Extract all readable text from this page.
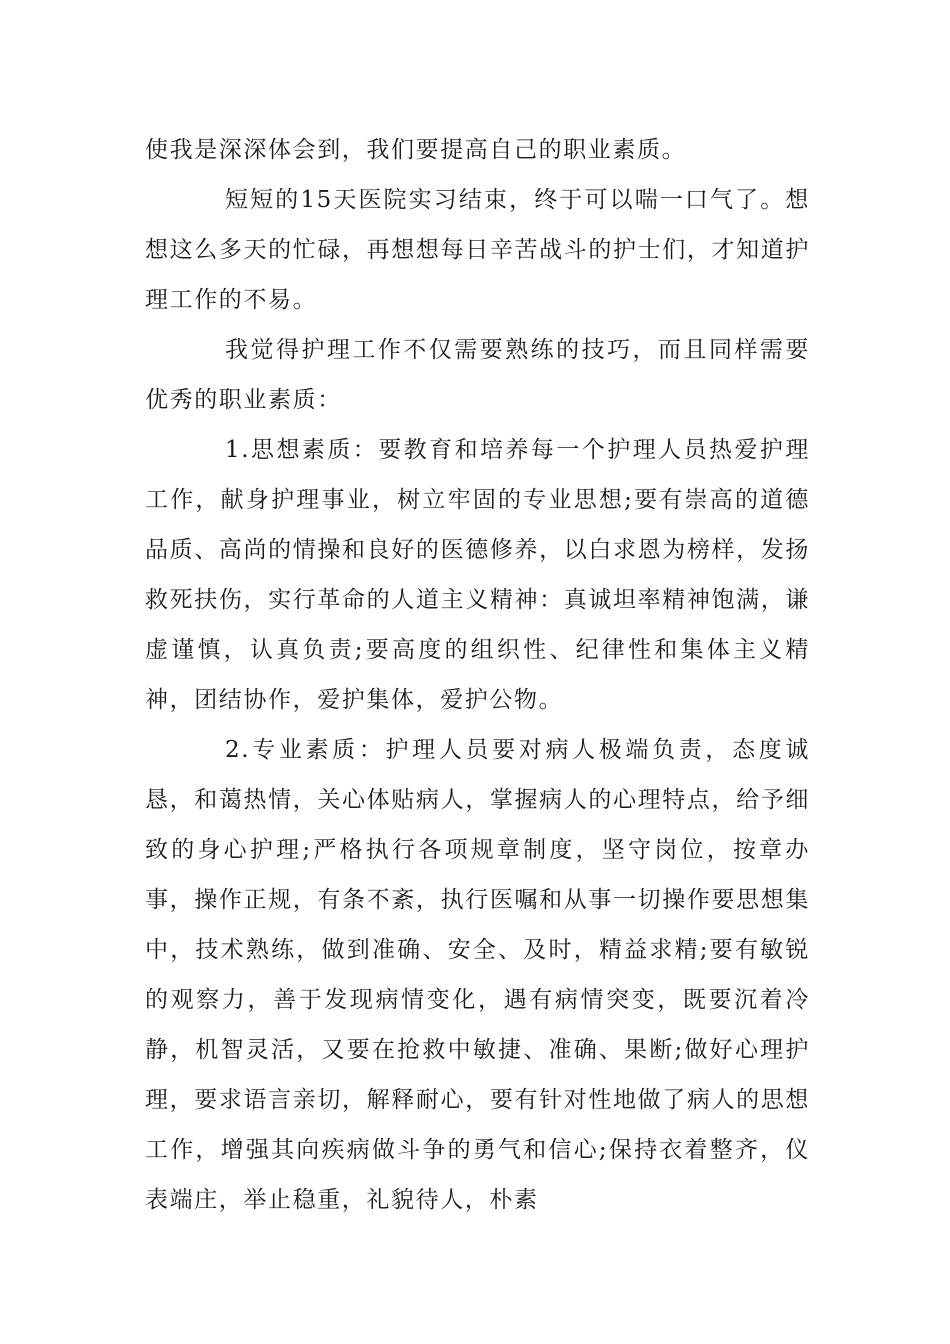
使我是深深体会到，我们要提高自己的职业素质。

短短的15天医院实习结束，终于可以喘一口气了。想想这么多天的忙碌，再想想每日辛苦战斗的护士们，才知道护理工作的不易。

我觉得护理工作不仅需要熟练的技巧，而且同样需要优秀的职业素质：

1.思想素质：要教育和培养每一个护理人员热爱护理工作，献身护理事业，树立牢固的专业思想;要有崇高的道德品质、高尚的情操和良好的医德修养，以白求恩为榜样，发扬救死扶伤，实行革命的人道主义精神：真诚坦率精神饱满，谦虚谨慎，认真负责;要高度的组织性、纪律性和集体主义精神，团结协作，爱护集体，爱护公物。

2.专业素质：护理人员要对病人极端负责，态度诚恳，和蔼热情，关心体贴病人，掌握病人的心理特点，给予细致的身心护理;严格执行各项规章制度，坚守岗位，按章办事，操作正规，有条不紊，执行医嘱和从事一切操作要思想集中，技术熟练，做到准确、安全、及时，精益求精;要有敏锐的观察力，善于发现病情变化，遇有病情突变，既要沉着冷静，机智灵活，又要在抢救中敏捷、准确、果断;做好心理护理，要求语言亲切，解释耐心，要有针对性地做了病人的思想工作，增强其向疾病做斗争的勇气和信心;保持衣着整齐，仪表端庄，举止稳重，礼貌待人，朴素
